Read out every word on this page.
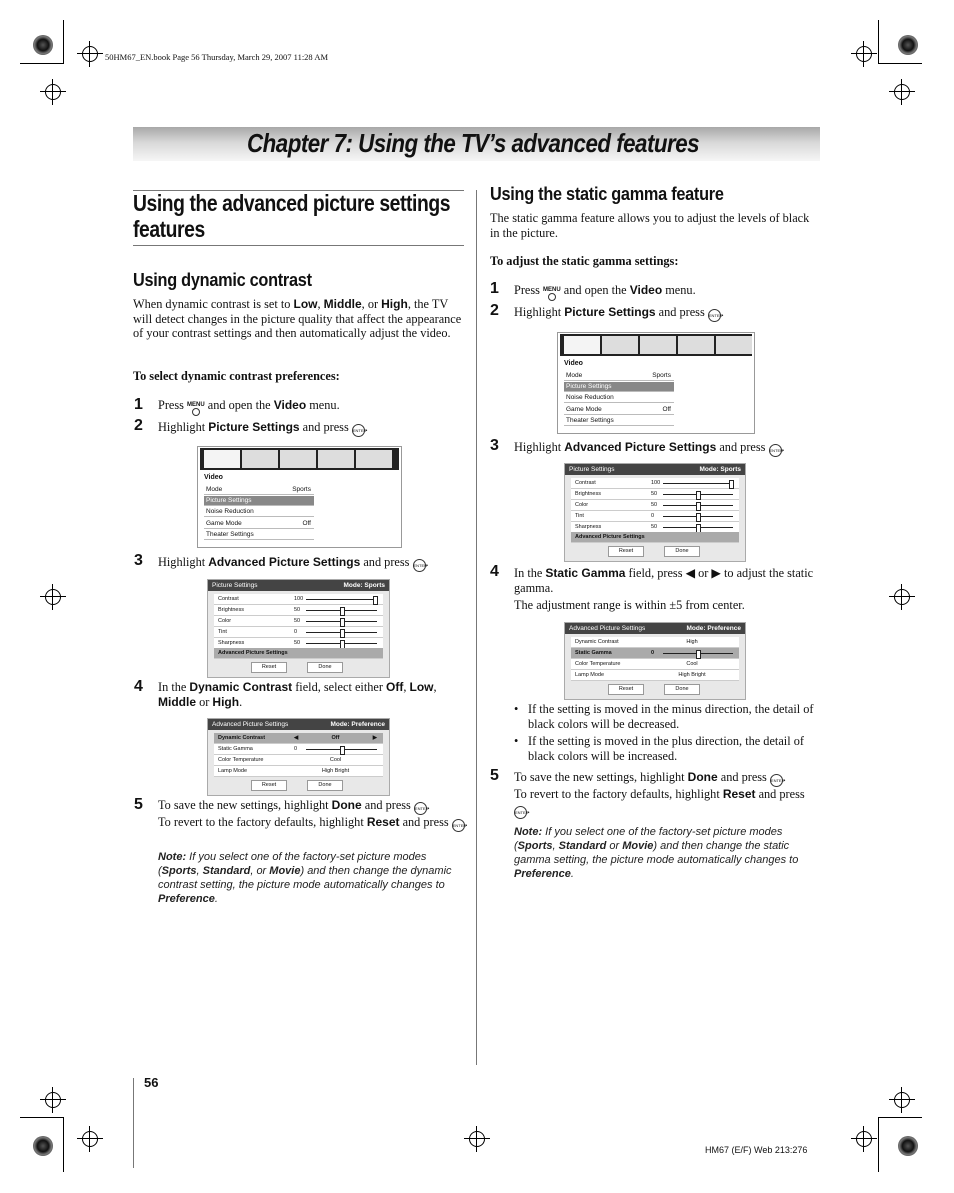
50HM67_EN.book Page 56 Thursday, March 29, 2007 11:28 AM
Chapter 7: Using the TV’s advanced features
Using the advanced picture settings features
Using dynamic contrast
When dynamic contrast is set to Low, Middle, or High, the TV will detect changes in the picture quality that affect the appearance of your contrast settings and then automatically adjust the video.
To select dynamic contrast preferences:
1 Press MENU
and open the Video menu.
2 Highlight Picture Settings and press ENTER.
Video
Mode	Sports
Picture Settings
Noise Reduction
Game Mode	Off
Theater Settings
3 Highlight Advanced Picture Settings and press ENTER.
Picture Settings	Mode: Sports
Contrast	100
Brightness	50
Color	50
Tint	0
Sharpness	50
Advanced Picture Settings
Reset	Done
4 In the Dynamic Contrast field, select either Off, Low,
Middle or High.
Advanced Picture Settings	Mode: Preference
Dynamic Contrast	◀	Off	▶
Static Gamma	0
Color Temperature	Cool
Lamp Mode	High Bright
Reset	Done
5 To save the new settings, highlight Done and press ENTER.
To revert to the factory defaults, highlight Reset and press ENTER.
Note: If you select one of the factory-set picture modes (Sports, Standard, or Movie) and then change the dynamic contrast setting, the picture mode automatically changes to Preference.
Using the static gamma feature
The static gamma feature allows you to adjust the levels of black in the picture.
To adjust the static gamma settings:
1 Press MENU
and open the Video menu.
2 Highlight Picture Settings and press ENTER.
Video
Mode	Sports
Picture Settings
Noise Reduction
Game Mode	Off
Theater Settings
3 Highlight Advanced Picture Settings and press ENTER.
Picture Settings	Mode: Sports
Contrast	100
Brightness	50
Color	50
Tint	0
Sharpness	50
Advanced Picture Settings
Reset	Done
4 In the Static Gamma field, press ◀ or ▶ to adjust the static gamma.
The adjustment range is within ±5 from center.
Advanced Picture Settings	Mode: Preference
Dynamic Contrast	High
Static Gamma	0
Color Temperature	Cool
Lamp Mode	High Bright
Reset	Done
• If the setting is moved in the minus direction, the detail of black colors will be decreased.
• If the setting is moved in the plus direction, the detail of black colors will be increased.
5 To save the new settings, highlight Done and press ENTER.
To revert to the factory defaults, highlight Reset and press ENTER.
Note: If you select one of the factory-set picture modes (Sports, Standard or Movie) and then change the static gamma setting, the picture mode automatically changes to Preference.
56
HM67 (E/F) Web 213:276
